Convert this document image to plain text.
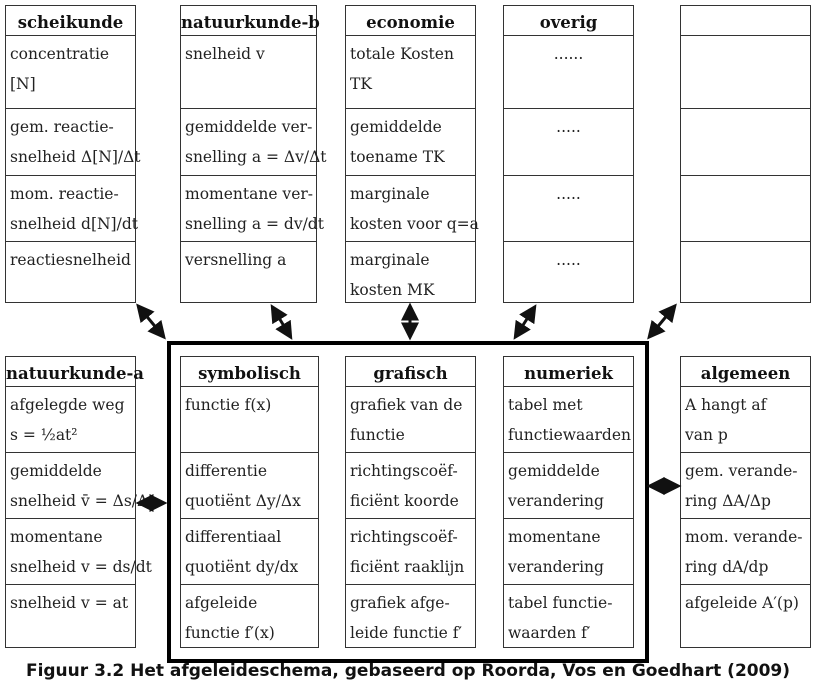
scheikunde
concentratie
[N]
gem. reactie-
snelheid Δ[N]/Δt
mom. reactie-
snelheid d[N]/dt
reactiesnelheid
natuurkunde-b
snelheid v
gemiddelde ver-
snelling a = Δv/Δt
momentane ver-
snelling a = dv/dt
versnelling a
economie
totale Kosten
TK
gemiddelde
toename TK
marginale
kosten voor q=a
marginale
kosten MK
overig
......
.....
.....
.....
natuurkunde-a
afgelegde weg
s = ½at²
gemiddelde
snelheid v̄ = Δs/Δt
momentane
snelheid v = ds/dt
snelheid v = at
symbolisch
functie f(x)
differentie
quotiënt Δy/Δx
differentiaal
quotiënt dy/dx
afgeleide
functie f′(x)
grafisch
grafiek van de
functie
richtingscoëf-
ficiënt koorde
richtingscoëf-
ficiënt raaklijn
grafiek afge-
leide functie f′
numeriek
tabel met
functiewaarden
gemiddelde
verandering
momentane
verandering
tabel functie-
waarden f′
algemeen
A hangt af
van p
gem. verande-
ring ΔA/Δp
mom. verande-
ring dA/dp
afgeleide A′(p)
Figuur 3.2 Het afgeleideschema, gebaseerd op Roorda, Vos en Goedhart (2009)
